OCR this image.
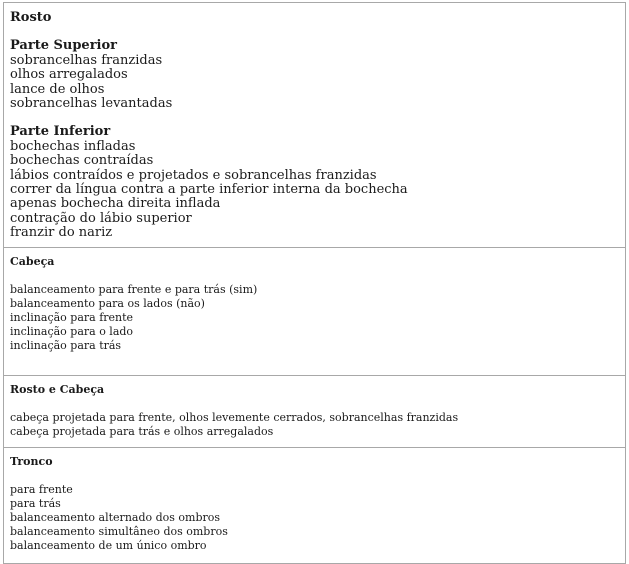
Rosto
Parte Superior
sobrancelhas franzidas
olhos arregalados
lance de olhos
sobrancelhas levantadas
Parte Inferior
bochechas infladas
bochechas contraídas
lábios contraídos e projetados e sobrancelhas franzidas
correr da língua contra a parte inferior interna da bochecha
apenas bochecha direita inflada
contração do lábio superior
franzir do nariz
Cabeça
balanceamento para frente e para trás (sim)
balanceamento para os lados (não)
inclinação para frente
inclinação para o lado
inclinação para trás
Rosto e Cabeça
cabeça projetada para frente, olhos levemente cerrados, sobrancelhas franzidas
cabeça projetada para trás e olhos arregalados
Tronco
para frente
para trás
balanceamento alternado dos ombros
balanceamento simultâneo dos ombros
balanceamento de um único ombro
